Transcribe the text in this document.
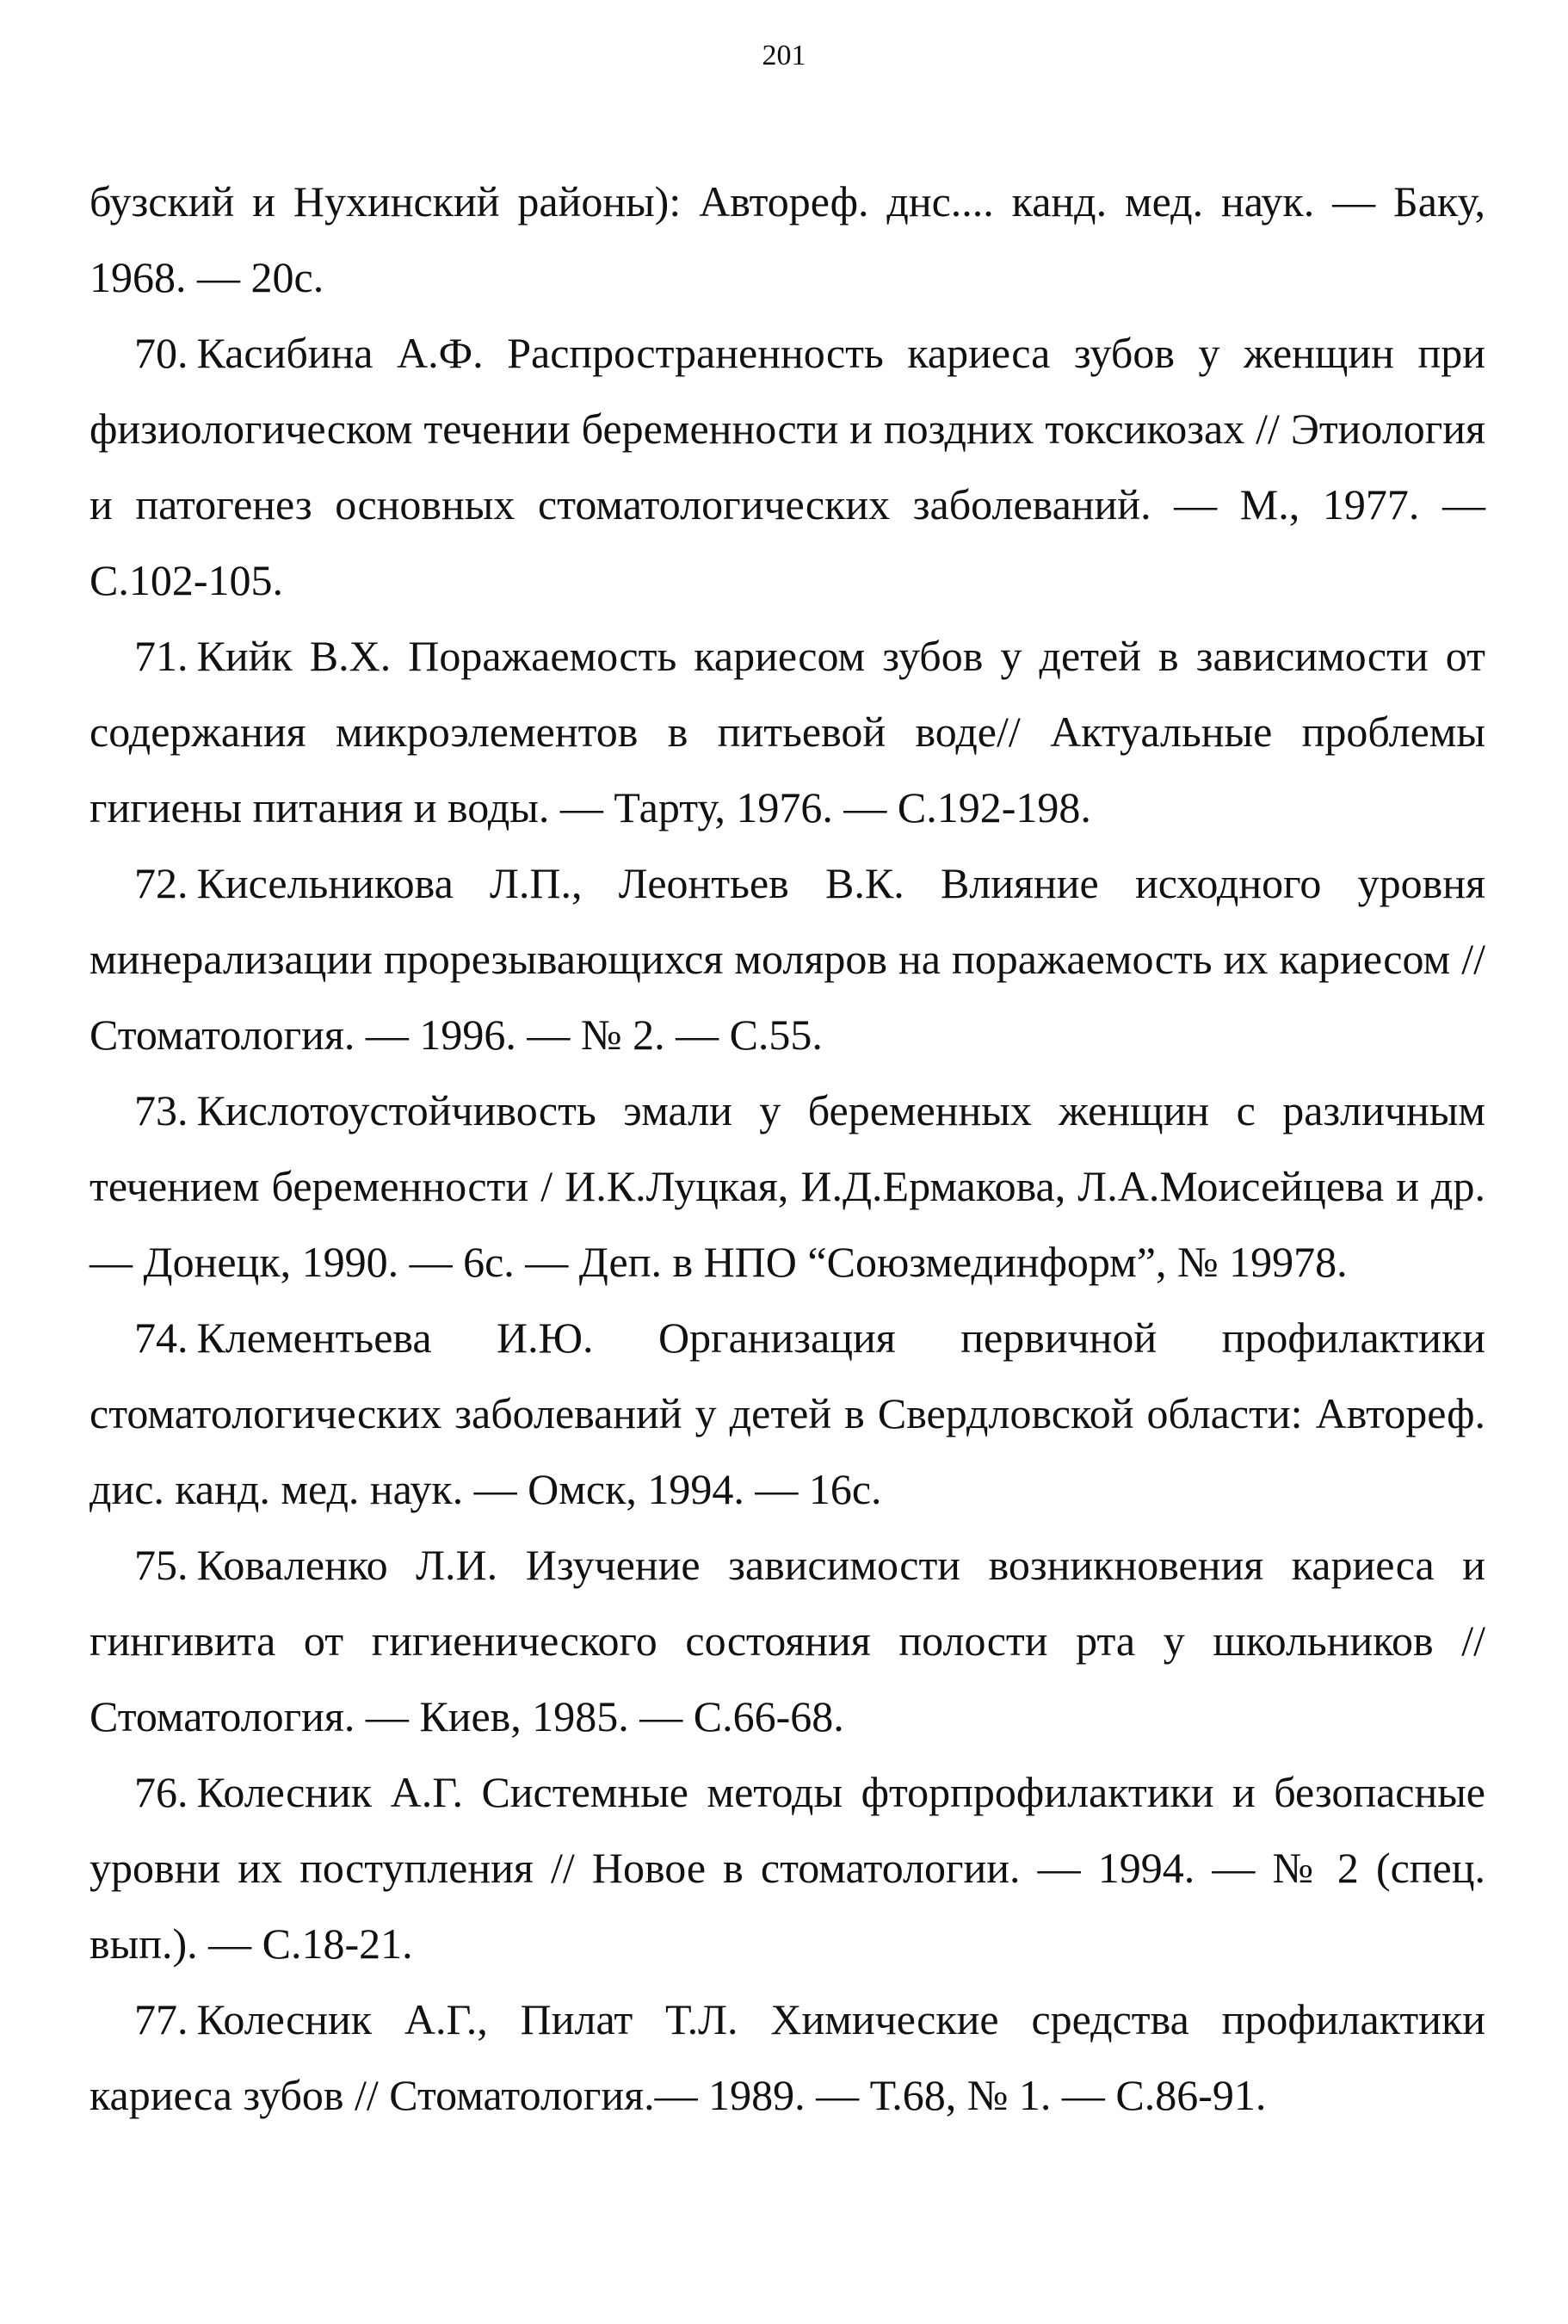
201

бузский и Нухинский районы): Автореф. днс.... канд. мед. наук. — Баку, 1968. — 20с.

70. Касибина А.Ф. Распространенность кариеса зубов у женщин при физиологическом течении беременности и поздних токсикозах // Этиология и патогенез основных стоматологических заболеваний. — М., 1977. — С.102-105.

71. Кийк В.Х. Поражаемость кариесом зубов у детей в зависимости от содержания микроэлементов в питьевой воде// Актуальные проблемы гигиены питания и воды. — Тарту, 1976. — С.192-198.

72. Кисельникова Л.П., Леонтьев В.К. Влияние исходного уровня минерализации прорезывающихся моляров на поражаемость их кариесом // Стоматология. — 1996. — № 2. — С.55.

73. Кислотоустойчивость эмали у беременных женщин с различным течением беременности / И.К.Луцкая, И.Д.Ермакова, Л.А.Моисейцева и др. — Донецк, 1990. — 6с. — Деп. в НПО “Союзмединформ”, № 19978.

74. Клементьева И.Ю. Организация первичной профилактики стоматологических заболеваний у детей в Свердловской области: Автореф. дис. канд. мед. наук. — Омск, 1994. — 16с.

75. Коваленко Л.И. Изучение зависимости возникновения кариеса и гингивита от гигиенического состояния полости рта у школьников // Стоматология. — Киев, 1985. — С.66-68.

76. Колесник А.Г. Системные методы фторпрофилактики и безопасные уровни их поступления // Новое в стоматологии. — 1994. — № 2 (спец. вып.). — С.18-21.

77. Колесник А.Г., Пилат Т.Л. Химические средства профилактики кариеса зубов // Стоматология.— 1989. — Т.68, № 1. — С.86-91.
